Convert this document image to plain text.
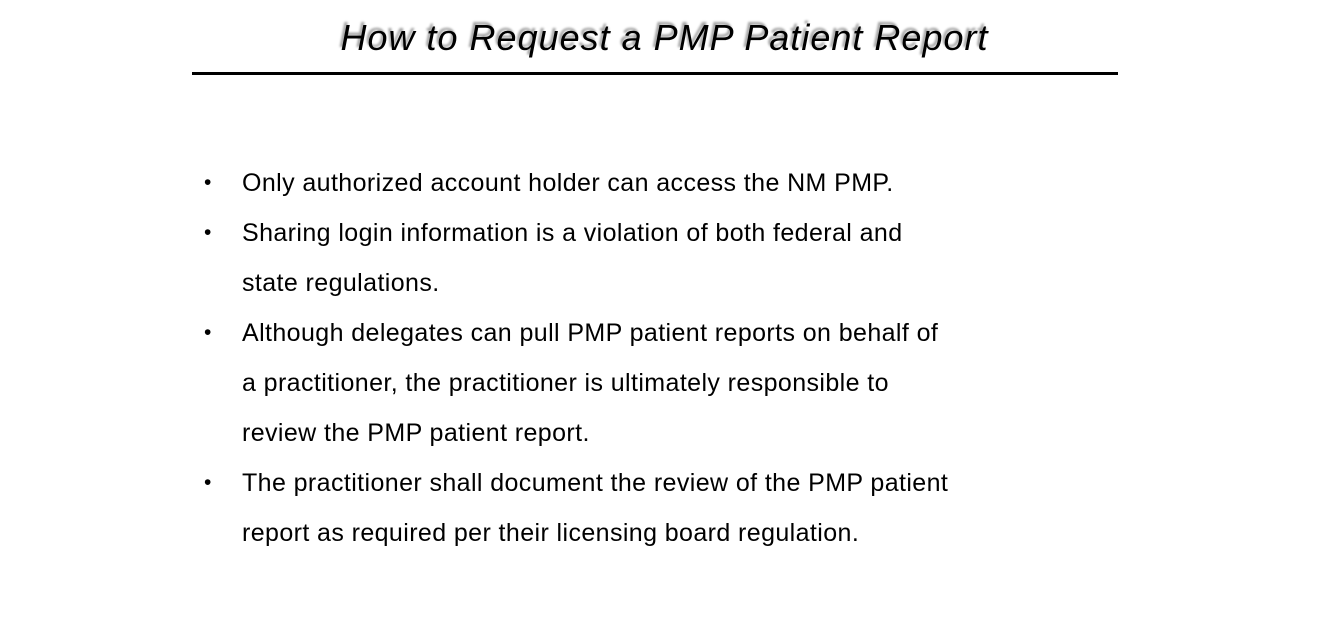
How to Request a PMP Patient Report
•	Only authorized account holder can access the NM PMP.
•	Sharing login information is a violation of both federal and
state regulations.
•	Although delegates can pull PMP patient reports on behalf of
a practitioner, the practitioner is ultimately responsible to
review the PMP patient report.
•	The practitioner shall document the review of the PMP patient
report as required per their licensing board regulation.
